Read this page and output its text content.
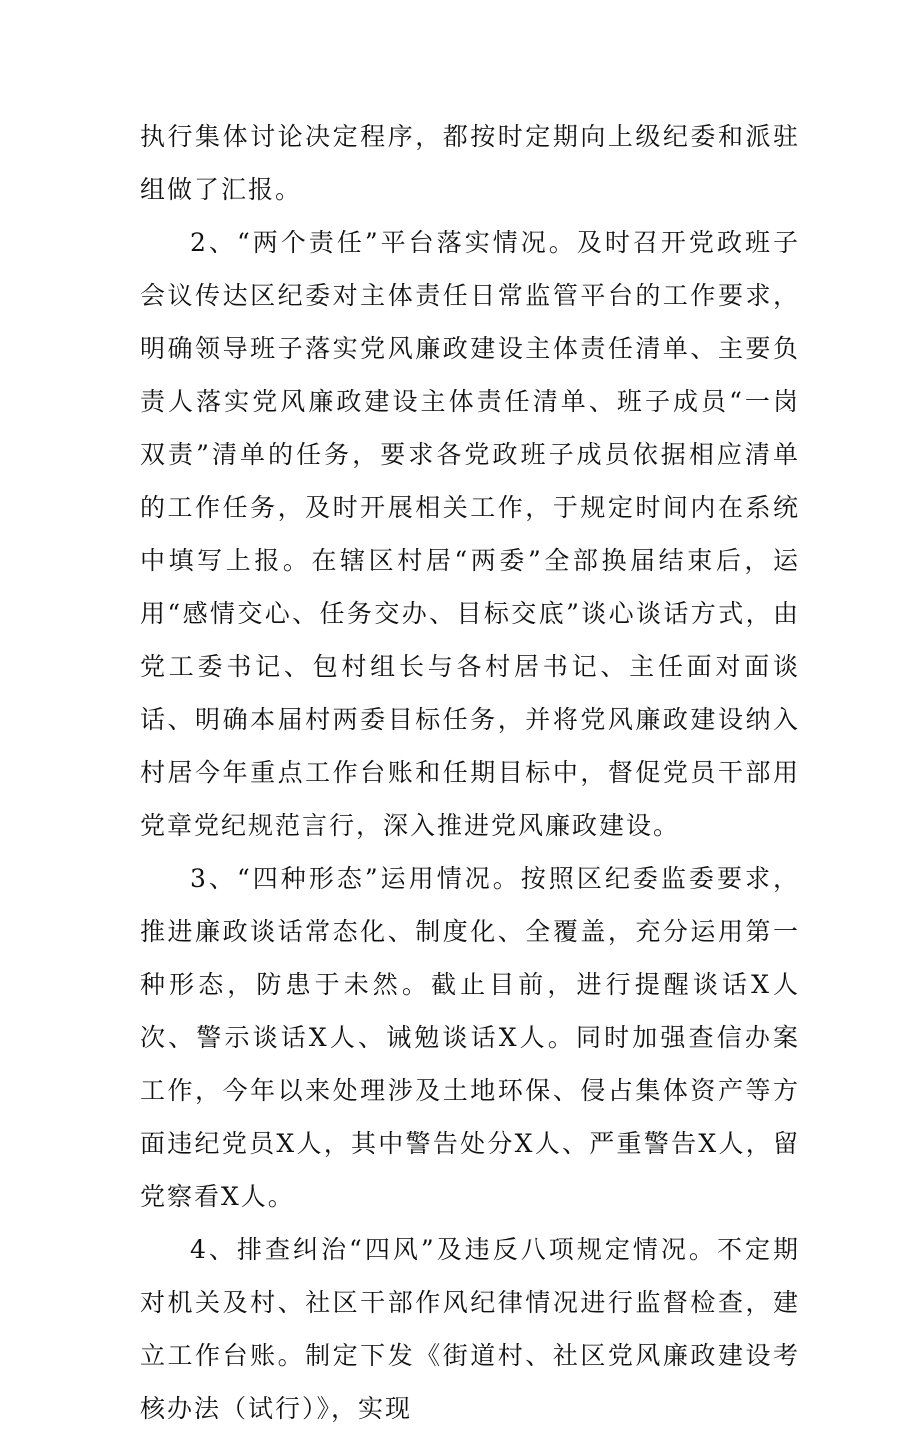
执行集体讨论决定程序，都按时定期向上级纪委和派驻组做了汇报。

2、“两个责任”平台落实情况。及时召开党政班子会议传达区纪委对主体责任日常监管平台的工作要求，明确领导班子落实党风廉政建设主体责任清单、主要负责人落实党风廉政建设主体责任清单、班子成员“一岗双责”清单的任务，要求各党政班子成员依据相应清单的工作任务，及时开展相关工作，于规定时间内在系统中填写上报。在辖区村居“两委”全部换届结束后，运用“感情交心、任务交办、目标交底”谈心谈话方式，由党工委书记、包村组长与各村居书记、主任面对面谈话、明确本届村两委目标任务，并将党风廉政建设纳入村居今年重点工作台账和任期目标中，督促党员干部用党章党纪规范言行，深入推进党风廉政建设。

3、“四种形态”运用情况。按照区纪委监委要求，推进廉政谈话常态化、制度化、全覆盖，充分运用第一种形态，防患于未然。截止目前，进行提醒谈话X人次、警示谈话X人、诫勉谈话X人。同时加强查信办案工作，今年以来处理涉及土地环保、侵占集体资产等方面违纪党员X人，其中警告处分X人、严重警告X人，留党察看X人。

4、排查纠治“四风”及违反八项规定情况。不定期对机关及村、社区干部作风纪律情况进行监督检查，建立工作台账。制定下发《街道村、社区党风廉政建设考核办法（试行）》，实现
